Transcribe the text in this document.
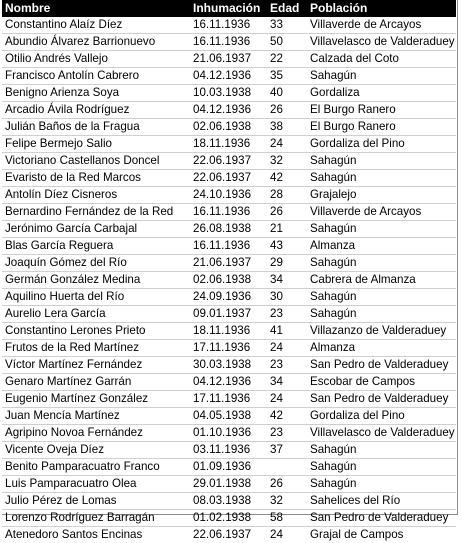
Nombre	Inhumación	Edad	Población
Constantino Alaíz Díez	16.11.1936	33	Villaverde de Arcayos
Abundio Álvarez Barrionuevo	16.11.1936	50	Villavelasco de Valderaduey
Otilio Andrés Vallejo	21.06.1937	22	Calzada del Coto
Francisco Antolín Cabrero	04.12.1936	35	Sahagún
Benigno Arienza Soya	10.03.1938	40	Gordaliza
Arcadio Ávila Rodríguez	04.12.1936	26	El Burgo Ranero
Julián Baños de la Fragua	02.06.1938	38	El Burgo Ranero
Felipe Bermejo Salio	18.11.1936	24	Gordaliza del Pino
Victoriano Castellanos Doncel	22.06.1937	32	Sahagún
Evaristo de la Red Marcos	22.06.1937	42	Sahagún
Antolín Díez Cisneros	24.10.1936	28	Grajalejo
Bernardino Fernández de la Red	16.11.1936	26	Villaverde de Arcayos
Jerónimo García Carbajal	26.08.1938	21	Sahagún
Blas García Reguera	16.11.1936	43	Almanza
Joaquín Gómez del Río	21.06.1937	29	Sahagún
Germán González Medina	02.06.1938	34	Cabrera de Almanza
Aquilino Huerta del Río	24.09.1936	30	Sahagún
Aurelio Lera García	09.01.1937	23	Sahagún
Constantino Lerones Prieto	18.11.1936	41	Villazanzo de Valderaduey
Frutos de la Red Martínez	17.11.1936	24	Almanza
Víctor Martínez Fernández	30.03.1938	23	San Pedro de Valderaduey
Genaro Martínez Garrán	04.12.1936	34	Escobar de Campos
Eugenio Martínez González	17.11.1936	24	San Pedro de Valderaduey
Juan Mencía Martínez	04.05.1938	42	Gordaliza del Pino
Agripino Novoa Fernández	01.10.1936	23	Villavelasco de Valderaduey
Vicente Oveja Díez	03.11.1936	37	Sahagún
Benito Pamparacuatro Franco	01.09.1936		Sahagún
Luis Pamparacuatro Olea	29.01.1938	26	Sahagún
Julio Pérez de Lomas	08.03.1938	32	Sahelices del Río
Lorenzo Rodríguez Barragán	01.02.1938	58	San Pedro de Valderaduey
Atenedoro Santos Encinas	22.06.1937	24	Grajal de Campos
